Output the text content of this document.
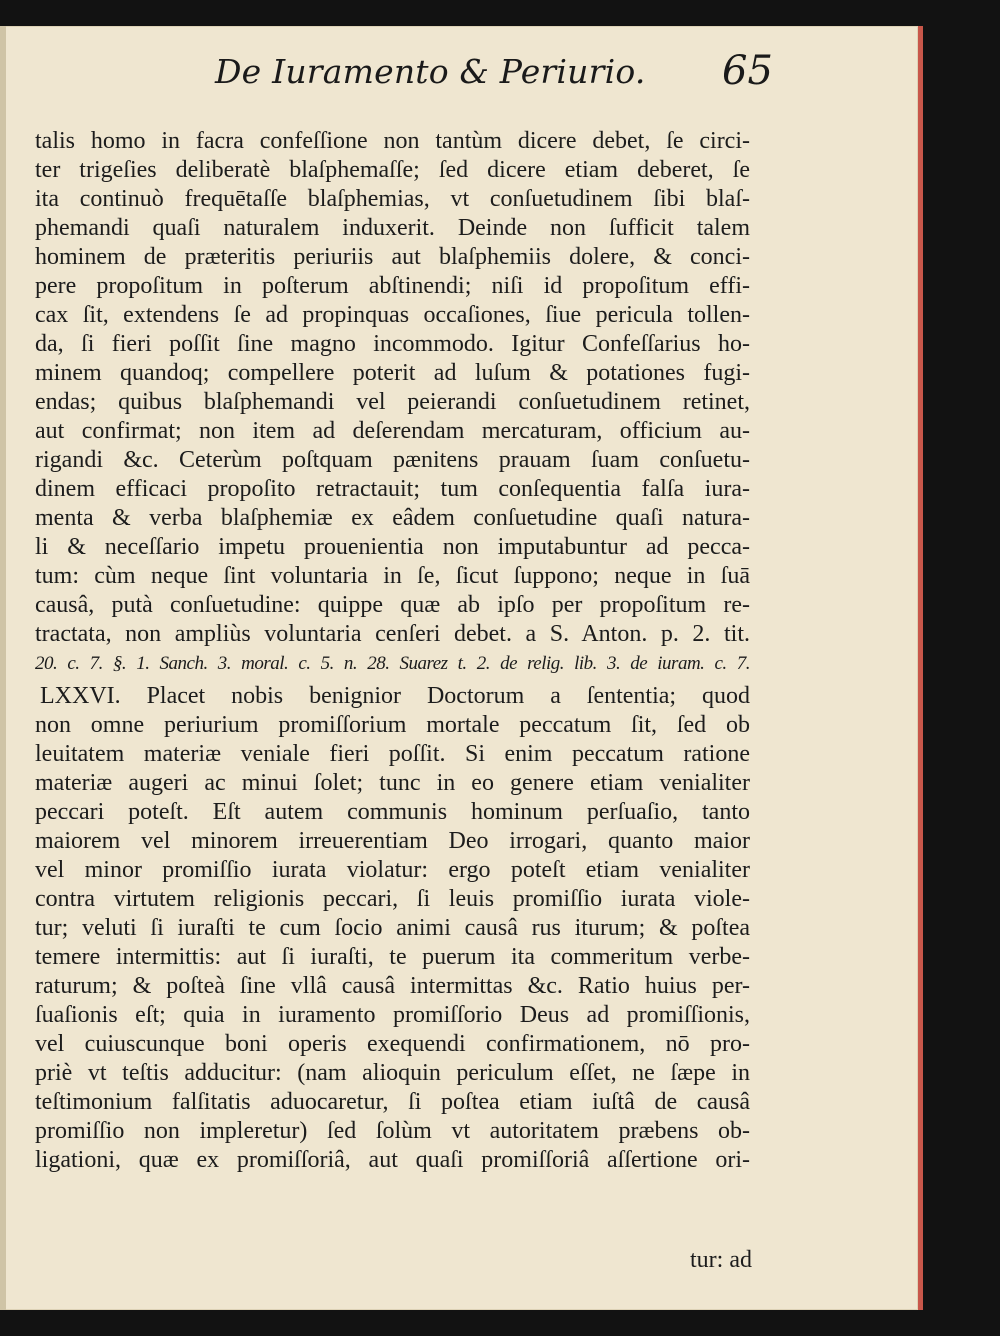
De Iuramento & Periurio. 65
talis homo in facra confeſſione non tantùm dicere debet, ſe circi-
ter trigeſies deliberatè blaſphemaſſe; ſed dicere etiam deberet, ſe
ita continuò frequētaſſe blaſphemias, vt conſuetudinem ſibi blaſ-
phemandi quaſi naturalem induxerit. Deinde non ſufficit talem
hominem de præteritis periuriis aut blaſphemiis dolere, & conci-
pere propoſitum in poſterum abſtinendi; niſi id propoſitum effi-
cax ſit, extendens ſe ad propinquas occaſiones, ſiue pericula tollen-
da, ſi fieri poſſit ſine magno incommodo. Igitur Confeſſarius ho-
minem quandoq; compellere poterit ad luſum & potationes fugi-
endas; quibus blaſphemandi vel peierandi conſuetudinem retinet,
aut confirmat; non item ad deſerendam mercaturam, officium au-
rigandi &c. Ceterùm poſtquam pænitens prauam ſuam conſuetu-
dinem efficaci propoſito retractauit; tum conſequentia falſa iura-
menta & verba blaſphemiæ ex eâdem conſuetudine quaſi natura-
li & neceſſario impetu prouenientia non imputabuntur ad pecca-
tum: cùm neque ſint voluntaria in ſe, ſicut ſuppono; neque in ſuā
causâ, putà conſuetudine: quippe quæ ab ipſo per propoſitum re-
tractata, non ampliùs voluntaria cenſeri debet. a S. Anton. p. 2. tit.
20. c. 7. §. 1. Sanch. 3. moral. c. 5. n. 28. Suarez t. 2. de relig. lib. 3. de iuram. c. 7.
LXXVI. Placet nobis benignior Doctorum a ſententia; quod
non omne periurium promiſſorium mortale peccatum ſit, ſed ob
leuitatem materiæ veniale fieri poſſit. Si enim peccatum ratione
materiæ augeri ac minui ſolet; tunc in eo genere etiam venialiter
peccari poteſt. Eſt autem communis hominum perſuaſio, tanto
maiorem vel minorem irreuerentiam Deo irrogari, quanto maior
vel minor promiſſio iurata violatur: ergo poteſt etiam venialiter
contra virtutem religionis peccari, ſi leuis promiſſio iurata viole-
tur; veluti ſi iuraſti te cum ſocio animi causâ rus iturum; & poſtea
temere intermittis: aut ſi iuraſti, te puerum ita commeritum verbe-
raturum; & poſteà ſine vllâ causâ intermittas &c. Ratio huius per-
ſuaſionis eſt; quia in iuramento promiſſorio Deus ad promiſſionis,
vel cuiuscunque boni operis exequendi confirmationem, nō pro-
priè vt teſtis adducitur: (nam alioquin periculum eſſet, ne ſæpe in
teſtimonium falſitatis aduocaretur, ſi poſtea etiam iuſtâ de causâ
promiſſio non impleretur) ſed ſolùm vt autoritatem præbens ob-
ligationi, quæ ex promiſſoriâ, aut quaſi promiſſoriâ aſſertione ori-
tur: ad
